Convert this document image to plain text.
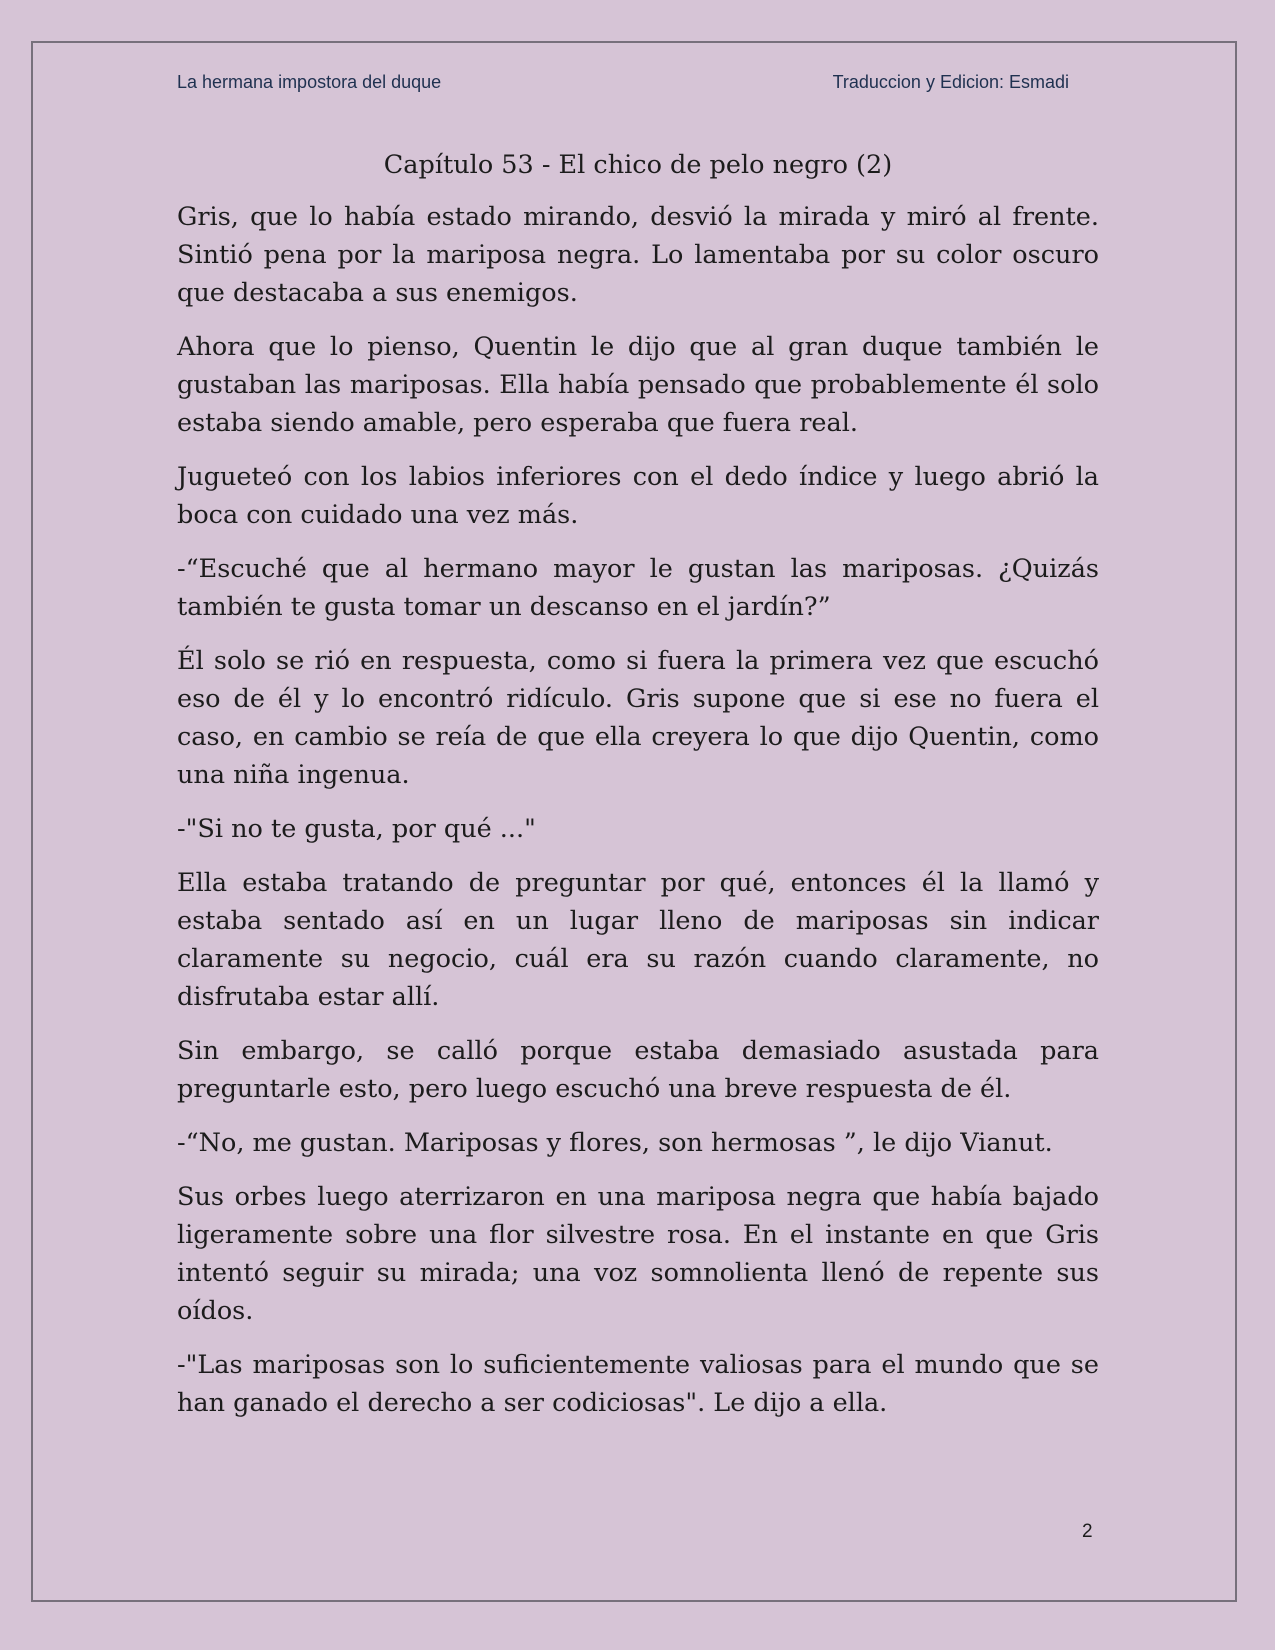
La hermana impostora del duque	Traduccion y Edicion: Esmadi
Capítulo 53 - El chico de pelo negro (2)

Gris, que lo había estado mirando, desvió la mirada y miró al frente. Sintió pena por la mariposa negra. Lo lamentaba por su color oscuro que destacaba a sus enemigos.

Ahora que lo pienso, Quentin le dijo que al gran duque también le gustaban las mariposas. Ella había pensado que probablemente él solo estaba siendo amable, pero esperaba que fuera real.

Jugueteó con los labios inferiores con el dedo índice y luego abrió la boca con cuidado una vez más.

-“Escuché que al hermano mayor le gustan las mariposas. ¿Quizás también te gusta tomar un descanso en el jardín?”

Él solo se rió en respuesta, como si fuera la primera vez que escuchó eso de él y lo encontró ridículo. Gris supone que si ese no fuera el caso, en cambio se reía de que ella creyera lo que dijo Quentin, como una niña ingenua.

-"Si no te gusta, por qué ..."

Ella estaba tratando de preguntar por qué, entonces él la llamó y estaba sentado así en un lugar lleno de mariposas sin indicar claramente su negocio, cuál era su razón cuando claramente, no disfrutaba estar allí.

Sin embargo, se calló porque estaba demasiado asustada para preguntarle esto, pero luego escuchó una breve respuesta de él.

-“No, me gustan. Mariposas y flores, son hermosas ”, le dijo Vianut.

Sus orbes luego aterrizaron en una mariposa negra que había bajado ligeramente sobre una flor silvestre rosa. En el instante en que Gris intentó seguir su mirada; una voz somnolienta llenó de repente sus oídos.

-"Las mariposas son lo suficientemente valiosas para el mundo que se han ganado el derecho a ser codiciosas". Le dijo a ella.

2
